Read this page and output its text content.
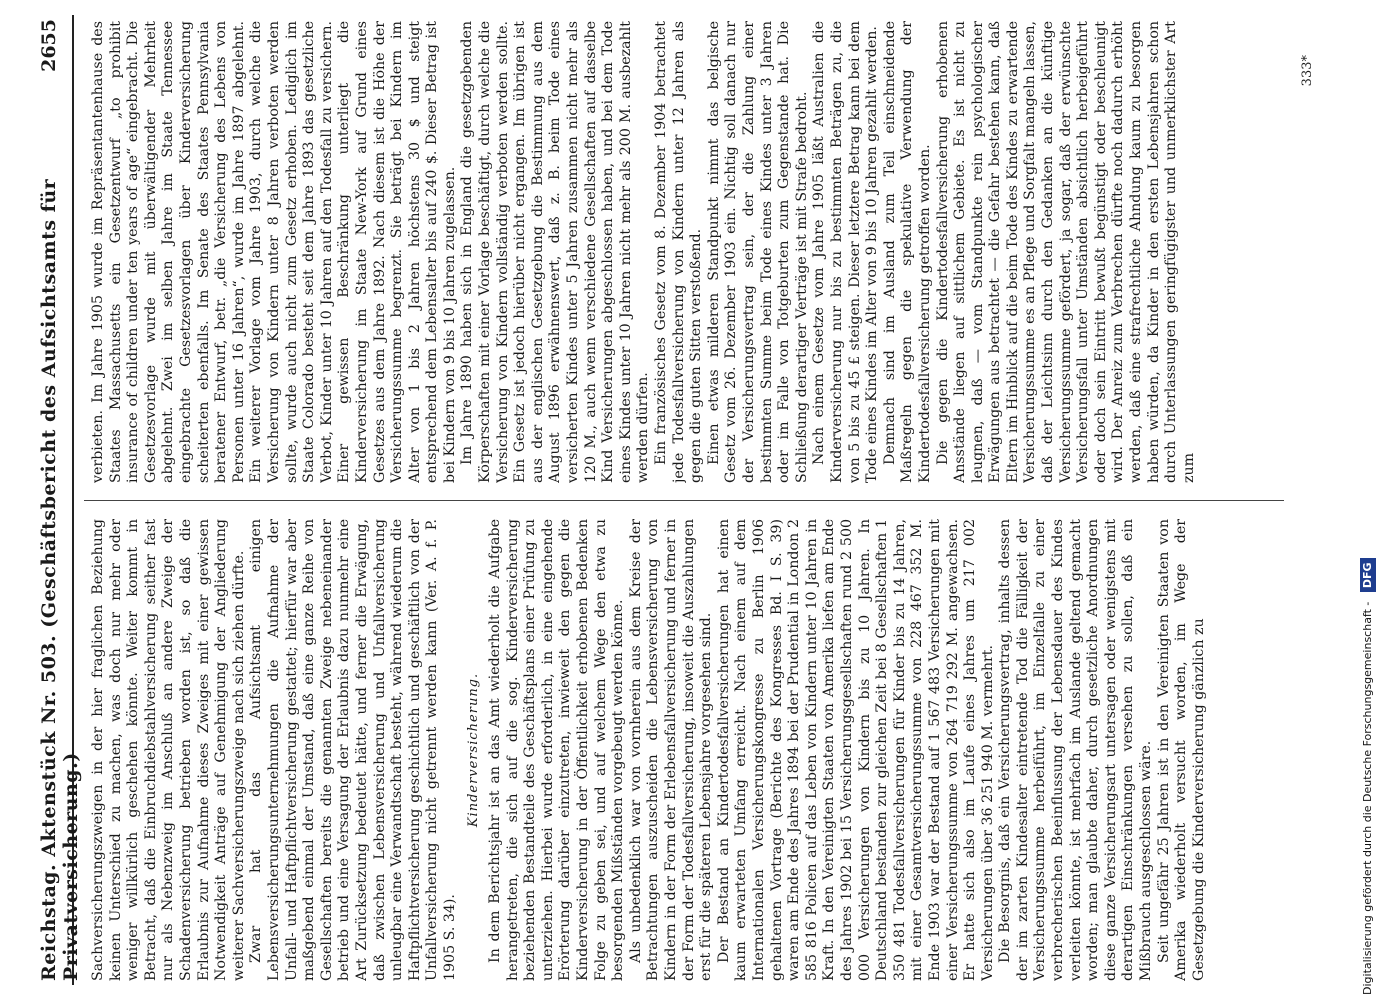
Reichstag. Aktenstück Nr. 503. (Geschäftsbericht des Aufsichtsamts für Privatversicherung.)
2655

Sachversicherungszweigen in der hier fraglichen Beziehung keinen Unterschied zu machen, was doch nur mehr oder weniger willkürlich geschehen könnte. Weiter kommt in Betracht, daß die Einbruchdiebstahlversicherung seither fast nur als Nebenzweig im Anschluß an andere Zweige der Schadenversicherung betrieben worden ist, so daß die Erlaubnis zur Aufnahme dieses Zweiges mit einer gewissen Notwendigkeit Anträge auf Genehmigung der Angliederung weiterer Sachversicherungszweige nach sich ziehen dürfte. Zwar hat das Aufsichtsamt einigen Lebensversicherungsunternehmungen die Aufnahme der Unfall- und Haftpflichtversicherung gestattet; hierfür war aber maßgebend einmal der Umstand, daß eine ganze Reihe von Gesellschaften bereits die genannten Zweige nebeneinander betrieb und eine Versagung der Erlaubnis dazu nunmehr eine Art Zurücksetzung bedeutet hätte, und ferner die Erwägung, daß zwischen Lebensversicherung und Unfallversicherung unleugbar eine Verwandtschaft besteht, während wiederum die Haftpflichtversicherung geschichtlich und geschäftlich von der Unfallversicherung nicht getrennt werden kann (Ver. A. f. P. 1905 S. 34).

Kinderversicherung. In dem Berichtsjahr ist an das Amt wiederholt die Aufgabe herangetreten, die sich auf die sog. Kinderversicherung beziehenden Bestandteile des Geschäftsplans einer Prüfung zu unterziehen. Hierbei wurde erforderlich, in eine eingehende Erörterung darüber einzutreten, inwieweit den gegen die Kinderversicherung in der Öffentlichkeit erhobenen Bedenken Folge zu geben sei, und auf welchem Wege den etwa zu besorgenden Mißständen vorgebeugt werden könne. Als unbedenklich war von vornherein aus dem Kreise der Betrachtungen auszuscheiden die Lebensversicherung von Kindern in der Form der Erlebensfallversicherung und ferner in der Form der Todesfallversicherung, insoweit die Auszahlungen erst für die späteren Lebensjahre vorgesehen sind. Der Bestand an Kindertodesfallversicherungen hat einen kaum erwarteten Umfang erreicht. Nach einem auf dem Internationalen Versicherungskongresse zu Berlin 1906 gehaltenen Vortrage (Berichte des Kongresses Bd. I S. 39) waren am Ende des Jahres 1894 bei der Prudential in London 2 585 816 Policen auf das Leben von Kindern unter 10 Jahren in Kraft. In den Vereinigten Staaten von Amerika liefen am Ende des Jahres 1902 bei 15 Versicherungsgesellschaften rund 2 500 000 Versicherungen von Kindern bis zu 10 Jahren. In Deutschland bestanden zur gleichen Zeit bei 8 Gesellschaften 1 350 481 Todesfallversicherungen für Kinder bis zu 14 Jahren, mit einer Gesamtversicherungssumme von 228 467 352 M. Ende 1903 war der Bestand auf 1 567 483 Versicherungen mit einer Versicherungssumme von 264 719 292 M. angewachsen. Er hatte sich also im Laufe eines Jahres um 217 002 Versicherungen über 36 251 940 M. vermehrt. Die Besorgnis, daß ein Versicherungsvertrag, inhalts dessen der im zarten Kindesalter eintretende Tod die Fälligkeit der Versicherungssumme herbeiführt, im Einzelfalle zu einer verbrecherischen Beeinflussung der Lebensdauer des Kindes verleiten könnte, ist mehrfach im Auslande geltend gemacht worden; man glaubte daher, durch gesetzliche Anordnungen diese ganze Versicherungsart untersagen oder wenigstens mit derartigen Einschränkungen versehen zu sollen, daß ein Mißbrauch ausgeschlossen wäre. Seit ungefähr 25 Jahren ist in den Vereinigten Staaten von Amerika wiederholt versucht worden, im Wege der Gesetzgebung die Kinderversicherung gänzlich zu

verbieten. Im Jahre 1905 wurde im Repräsentantenhause des Staates Massachusetts ein Gesetzentwurf „to prohibit insurance of children under ten years of age“ eingebracht. Die Gesetzesvorlage wurde mit überwältigender Mehrheit abgelehnt. Zwei im selben Jahre im Staate Tennessee eingebrachte Gesetzesvorlagen über Kinderversicherung scheiterten ebenfalls. Im Senate des Staates Pennsylvania beratener Entwurf, betr. „die Versicherung des Lebens von Personen unter 16 Jahren“, wurde im Jahre 1897 abgelehnt. Ein weiterer Vorlage vom Jahre 1903, durch welche die Versicherung von Kindern unter 8 Jahren verboten werden sollte, wurde auch nicht zum Gesetz erhoben. Lediglich im Staate Colorado besteht seit dem Jahre 1893 das gesetzliche Verbot, Kinder unter 10 Jahren auf den Todesfall zu versichern. Einer gewissen Beschränkung unterliegt die Kinderversicherung im Staate New-York auf Grund eines Gesetzes aus dem Jahre 1892. Nach diesem ist die Höhe der Versicherungssumme begrenzt. Sie beträgt bei Kindern im Alter von 1 bis 2 Jahren höchstens 30 $ und steigt entsprechend dem Lebensalter bis auf 240 $. Dieser Betrag ist bei Kindern von 9 bis 10 Jahren zugelassen. Im Jahre 1890 haben sich in England die gesetzgebenden Körperschaften mit einer Vorlage beschäftigt, durch welche die Versicherung von Kindern vollständig verboten werden sollte. Ein Gesetz ist jedoch hierüber nicht ergangen. Im übrigen ist aus der englischen Gesetzgebung die Bestimmung aus dem August 1896 erwähnenswert, daß z. B. beim Tode eines versicherten Kindes unter 5 Jahren zusammen nicht mehr als 120 M., auch wenn verschiedene Gesellschaften auf dasselbe Kind Versicherungen abgeschlossen haben, und bei dem Tode eines Kindes unter 10 Jahren nicht mehr als 200 M. ausbezahlt werden dürfen. Ein französisches Gesetz vom 8. Dezember 1904 betrachtet jede Todesfallversicherung von Kindern unter 12 Jahren als gegen die guten Sitten verstoßend. Einen etwas milderen Standpunkt nimmt das belgische Gesetz vom 26. Dezember 1903 ein. Nichtig soll danach nur der Versicherungsvertrag sein, der die Zahlung einer bestimmten Summe beim Tode eines Kindes unter 3 Jahren oder im Falle von Totgeburten zum Gegenstande hat. Die Schließung derartiger Verträge ist mit Strafe bedroht. Nach einem Gesetze vom Jahre 1905 läßt Australien die Kinderversicherung nur bis zu bestimmten Beträgen zu, die von 5 bis zu 45 £ steigen. Dieser letztere Betrag kann bei dem Tode eines Kindes im Alter von 9 bis 10 Jahren gezahlt werden. Demnach sind im Ausland zum Teil einschneidende Maßregeln gegen die spekulative Verwendung der Kindertodesfallversicherung getroffen worden. Die gegen die Kindertodesfallversicherung erhobenen Ansstände liegen auf sittlichem Gebiete. Es ist nicht zu leugnen, daß — vom Standpunkte rein psychologischer Erwägungen aus betrachtet — die Gefahr bestehen kann, daß Eltern im Hinblick auf die beim Tode des Kindes zu erwartende Versicherungssumme es an Pflege und Sorgfalt mangeln lassen, daß der Leichtsinn durch den Gedanken an die künftige Versicherungssumme gefördert, ja sogar, daß der erwünschte Versicherungsfall unter Umständen absichtlich herbeigeführt oder doch sein Eintritt bewußt begünstigt oder beschleunigt wird. Der Anreiz zum Verbrechen dürfte noch dadurch erhöht werden, daß eine strafrechtliche Ahndung kaum zu besorgen haben würden, da Kinder in den ersten Lebensjahren schon durch Unterlassungen geringfügigster und unmerklichster Art zum

333*
Digitalisierung gefördert durch die Deutsche Forschungsgemeinschaft - DFG
